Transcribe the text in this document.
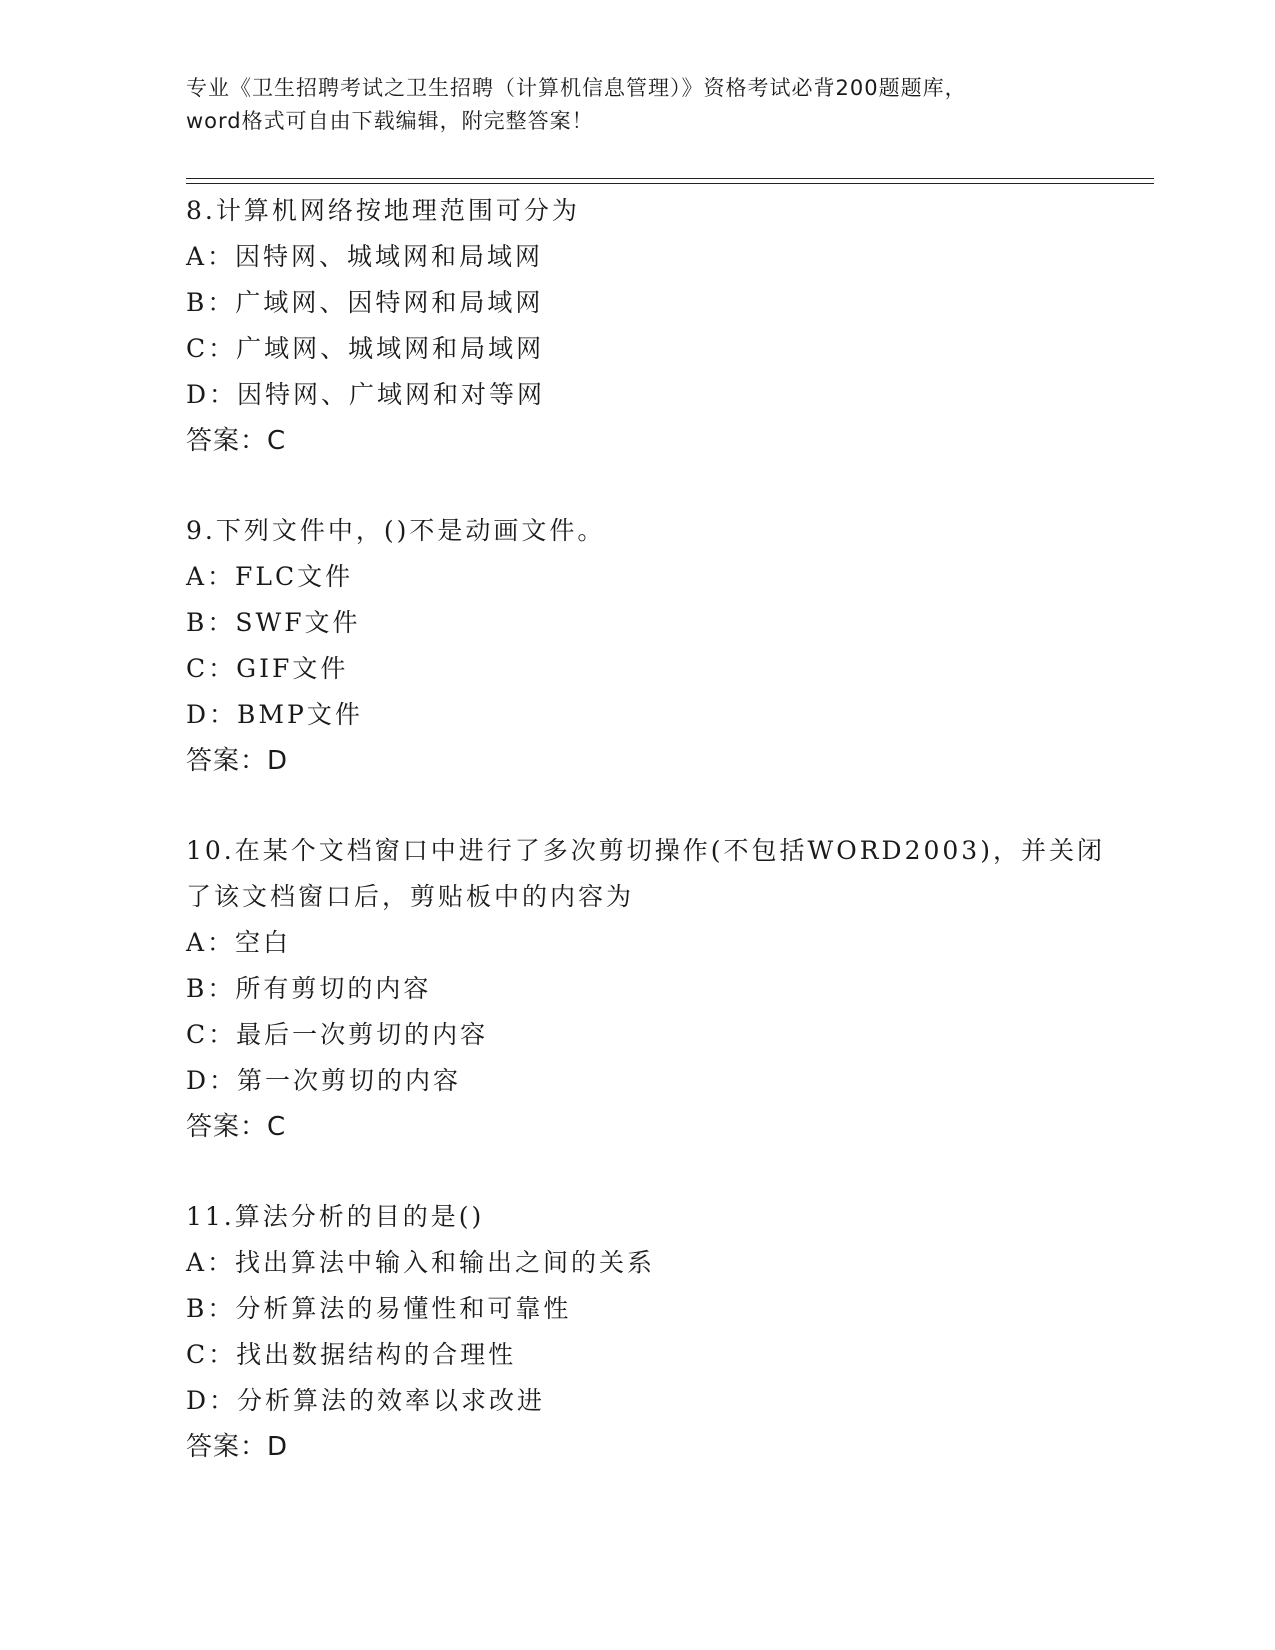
专业《卫生招聘考试之卫生招聘（计算机信息管理）》资格考试必背200题题库，
word格式可自由下载编辑，附完整答案！
8.计算机网络按地理范围可分为
A：因特网、城域网和局域网
B：广域网、因特网和局域网
C：广域网、城域网和局域网
D：因特网、广域网和对等网
答案：C
9.下列文件中，()不是动画文件。
A：FLC文件
B：SWF文件
C：GIF文件
D：BMP文件
答案：D
10.在某个文档窗口中进行了多次剪切操作(不包括WORD2003)，并关闭
了该文档窗口后，剪贴板中的内容为
A：空白
B：所有剪切的内容
C：最后一次剪切的内容
D：第一次剪切的内容
答案：C
11.算法分析的目的是()
A：找出算法中输入和输出之间的关系
B：分析算法的易懂性和可靠性
C：找出数据结构的合理性
D：分析算法的效率以求改进
答案：D
